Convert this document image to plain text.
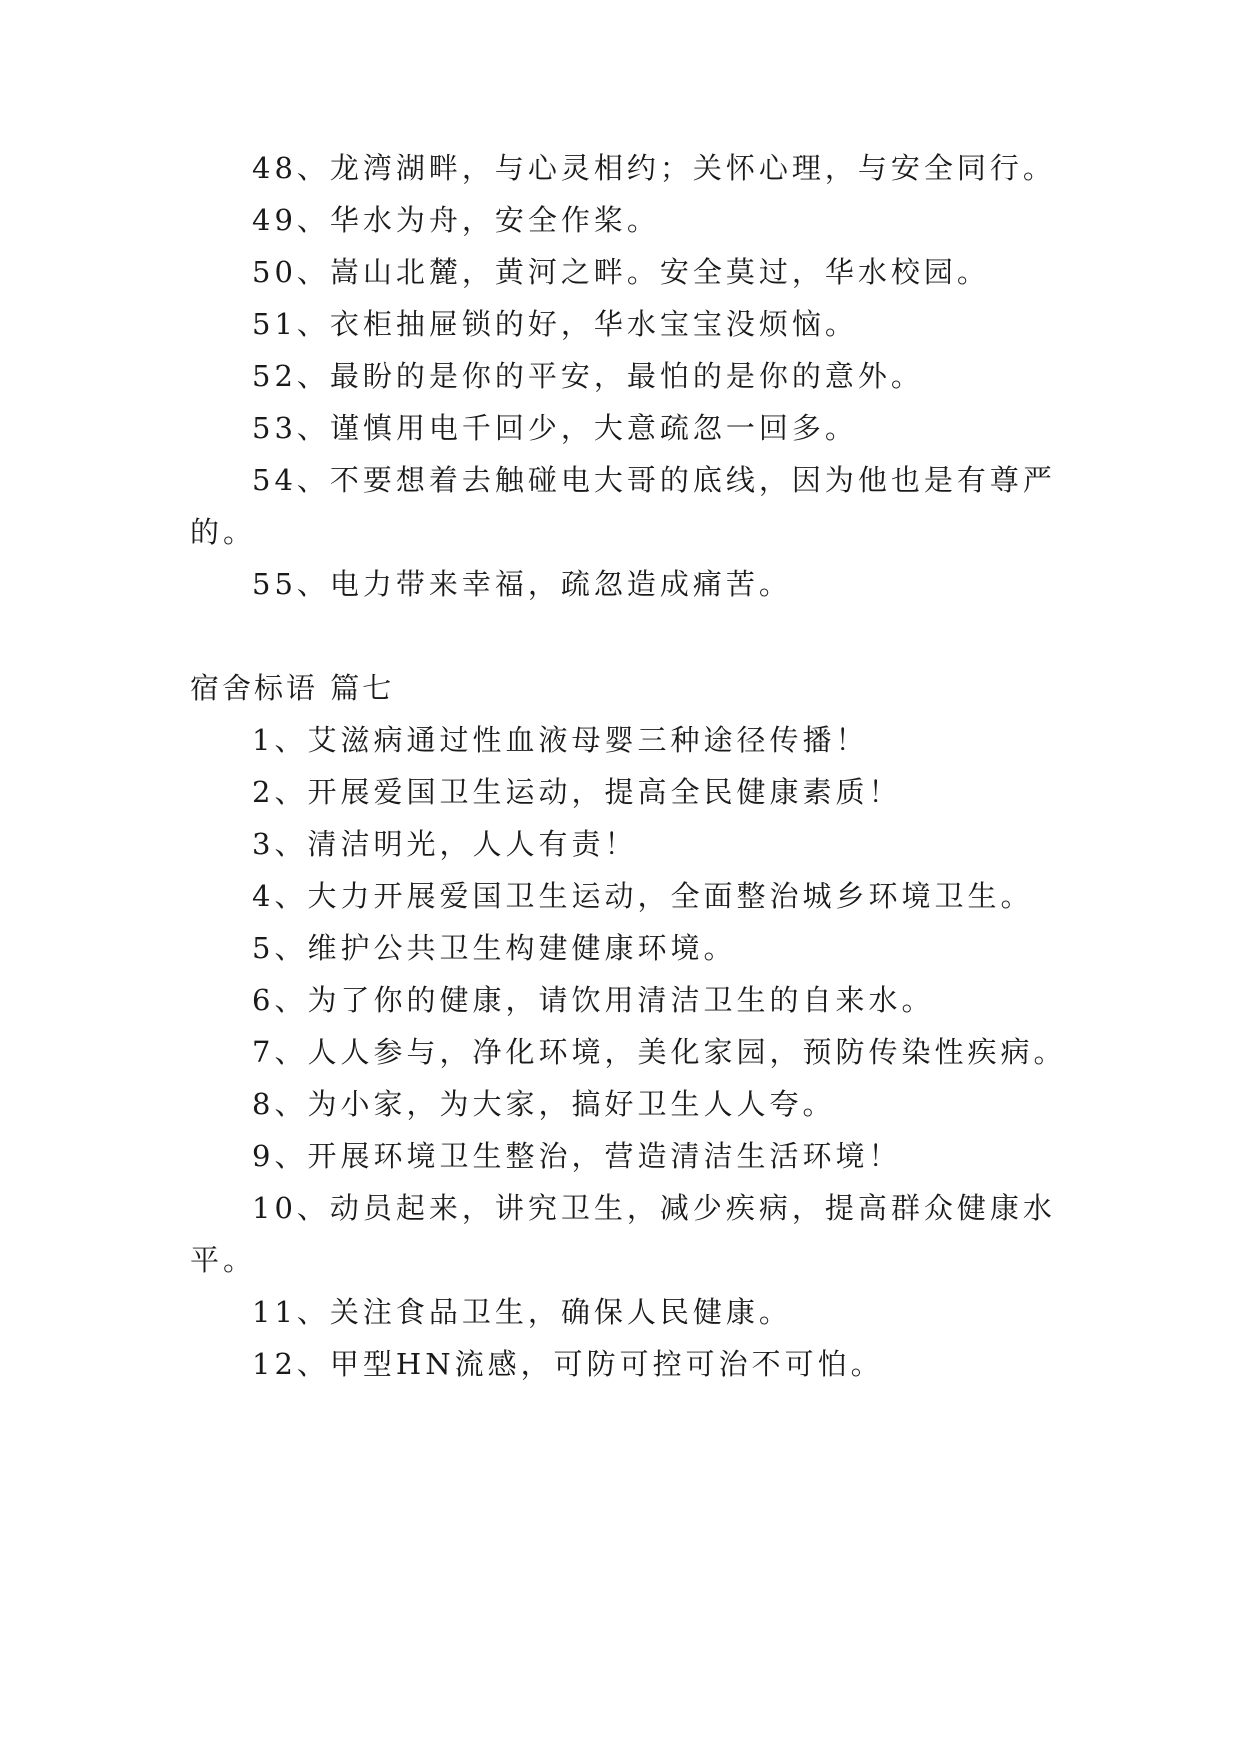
48、龙湾湖畔，与心灵相约；关怀心理，与安全同行。
49、华水为舟，安全作桨。
50、嵩山北麓，黄河之畔。安全莫过，华水校园。
51、衣柜抽屉锁的好，华水宝宝没烦恼。
52、最盼的是你的平安，最怕的是你的意外。
53、谨慎用电千回少，大意疏忽一回多。
54、不要想着去触碰电大哥的底线，因为他也是有尊严
的。
55、电力带来幸福，疏忽造成痛苦。
宿舍标语 篇七
1、艾滋病通过性血液母婴三种途径传播！
2、开展爱国卫生运动，提高全民健康素质！
3、清洁明光，人人有责！
4、大力开展爱国卫生运动，全面整治城乡环境卫生。
5、维护公共卫生构建健康环境。
6、为了你的健康，请饮用清洁卫生的自来水。
7、人人参与，净化环境，美化家园，预防传染性疾病。
8、为小家，为大家，搞好卫生人人夸。
9、开展环境卫生整治，营造清洁生活环境！
10、动员起来，讲究卫生，减少疾病，提高群众健康水
平。
11、关注食品卫生，确保人民健康。
12、甲型HN流感，可防可控可治不可怕。
